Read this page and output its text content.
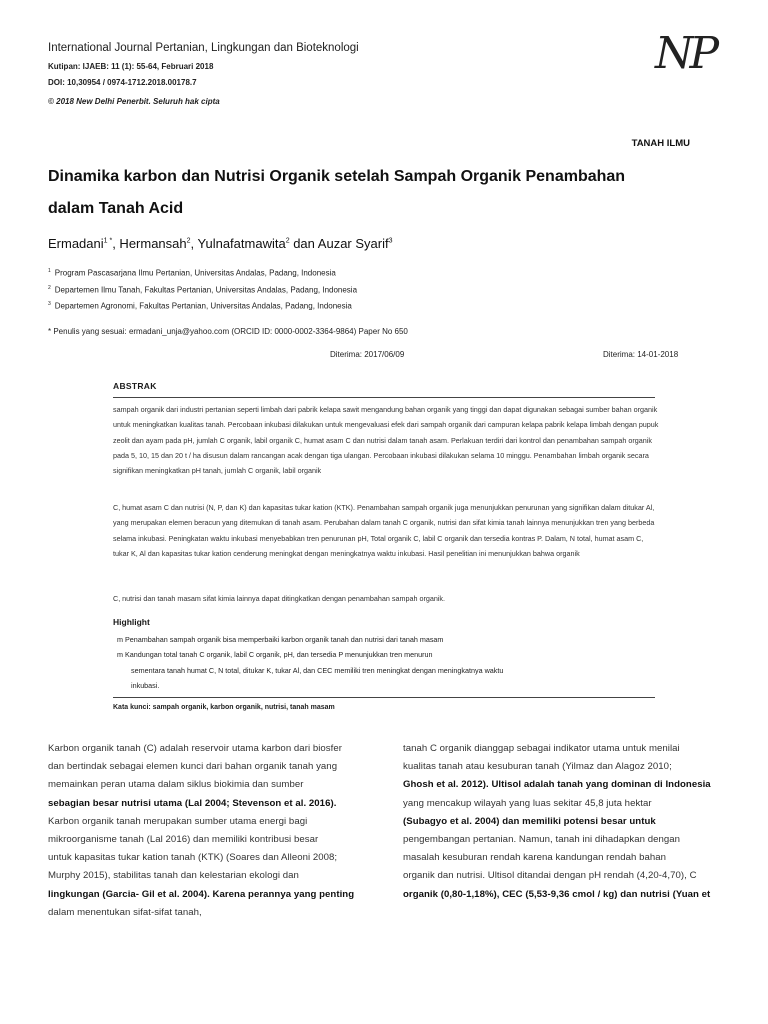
International Journal Pertanian, Lingkungan dan Bioteknologi
Kutipan: IJAEB: 11 (1): 55-64, Februari 2018
DOI: 10,30954 / 0974-1712.2018.00178.7
© 2018 New Delhi Penerbit. Seluruh hak cipta
NP
TANAH ILMU
Dinamika karbon dan Nutrisi Organik setelah Sampah Organik Penambahan
dalam Tanah Acid
Ermadani$^{1 *}$, Hermansah$^2$, Yulnafatmawita$^2$ dan Auzar Syarif$^3$
$^1$ Program Pascasarjana Ilmu Pertanian, Universitas Andalas, Padang, Indonesia
$^2$ Departemen Ilmu Tanah, Fakultas Pertanian, Universitas Andalas, Padang, Indonesia
$^3$ Departemen Agronomi, Fakultas Pertanian, Universitas Andalas, Padang, Indonesia
* Penulis yang sesuai: ermadani_unja@yahoo.com (ORCID ID: 0000-0002-3364-9864) Paper No 650
Diterima: 2017/06/09	Diterima: 14-01-2018
ABSTRAK

sampah organik dari industri pertanian seperti limbah dari pabrik kelapa sawit mengandung bahan organik yang tinggi dan dapat digunakan sebagai sumber bahan organik untuk meningkatkan kualitas tanah. Percobaan inkubasi dilakukan untuk mengevaluasi efek dari sampah organik dari campuran kelapa pabrik kelapa limbah dengan pupuk zeolit dan ayam pada pH, jumlah C organik, labil organik C, humat asam C dan nutrisi dalam tanah asam. Perlakuan terdiri dari kontrol dan penambahan sampah organik pada 5, 10, 15 dan 20 t / ha disusun dalam rancangan acak dengan tiga ulangan. Percobaan inkubasi dilakukan selama 10 minggu. Penambahan limbah organik secara signifikan meningkatkan pH tanah, jumlah C organik, labil organik

C, humat asam C dan nutrisi (N, P, dan K) dan kapasitas tukar kation (KTK). Penambahan sampah organik juga menunjukkan penurunan yang signifikan dalam ditukar Al, yang merupakan elemen beracun yang ditemukan di tanah asam. Perubahan dalam tanah C organik, nutrisi dan sifat kimia tanah lainnya menunjukkan tren yang berbeda selama inkubasi. Peningkatan waktu inkubasi menyebabkan tren penurunan pH, Total organik C, labil C organik dan tersedia kontras P. Dalam, N total, humat asam C, tukar K, Al dan kapasitas tukar kation cenderung meningkat dengan meningkatnya waktu inkubasi. Hasil penelitian ini menunjukkan bahwa organik

C, nutrisi dan tanah masam sifat kimia lainnya dapat ditingkatkan dengan penambahan sampah organik.

Highlight
m Penambahan sampah organik bisa memperbaiki karbon organik tanah dan nutrisi dari tanah masam
m Kandungan total tanah C organik, labil C organik, pH, dan tersedia P menunjukkan tren menurun
sementara tanah humat C, N total, ditukar K, tukar Al, dan CEC memiliki tren meningkat dengan meningkatnya waktu
inkubasi.
Kata kunci: sampah organik, karbon organik, nutrisi, tanah masam
Karbon organik tanah (C) adalah reservoir utama karbon dari biosfer
dan bertindak sebagai elemen kunci dari bahan organik tanah yang
memainkan peran utama dalam siklus biokimia dan sumber
sebagian besar nutrisi utama (Lal 2004; Stevenson et al. 2016).
Karbon organik tanah merupakan sumber utama energi bagi
mikroorganisme tanah (Lal 2016) dan memiliki kontribusi besar
untuk kapasitas tukar kation tanah (KTK) (Soares dan Alleoni 2008;
Murphy 2015), stabilitas tanah dan kelestarian ekologi dan
lingkungan (Garcia- Gil et al. 2004). Karena perannya yang penting
dalam menentukan sifat-sifat tanah,
tanah C organik dianggap sebagai indikator utama untuk menilai
kualitas tanah atau kesuburan tanah (Yilmaz dan Alagoz 2010;
Ghosh et al. 2012). Ultisol adalah tanah yang dominan di Indonesia
yang mencakup wilayah yang luas sekitar 45,8 juta hektar
(Subagyo et al. 2004) dan memiliki potensi besar untuk
pengembangan pertanian. Namun, tanah ini dihadapkan dengan
masalah kesuburan rendah karena kandungan rendah bahan
organik dan nutrisi. Ultisol ditandai dengan pH rendah (4,20-4,70), C
organik (0,80-1,18%), CEC (5,53-9,36 cmol / kg) dan nutrisi (Yuan et
